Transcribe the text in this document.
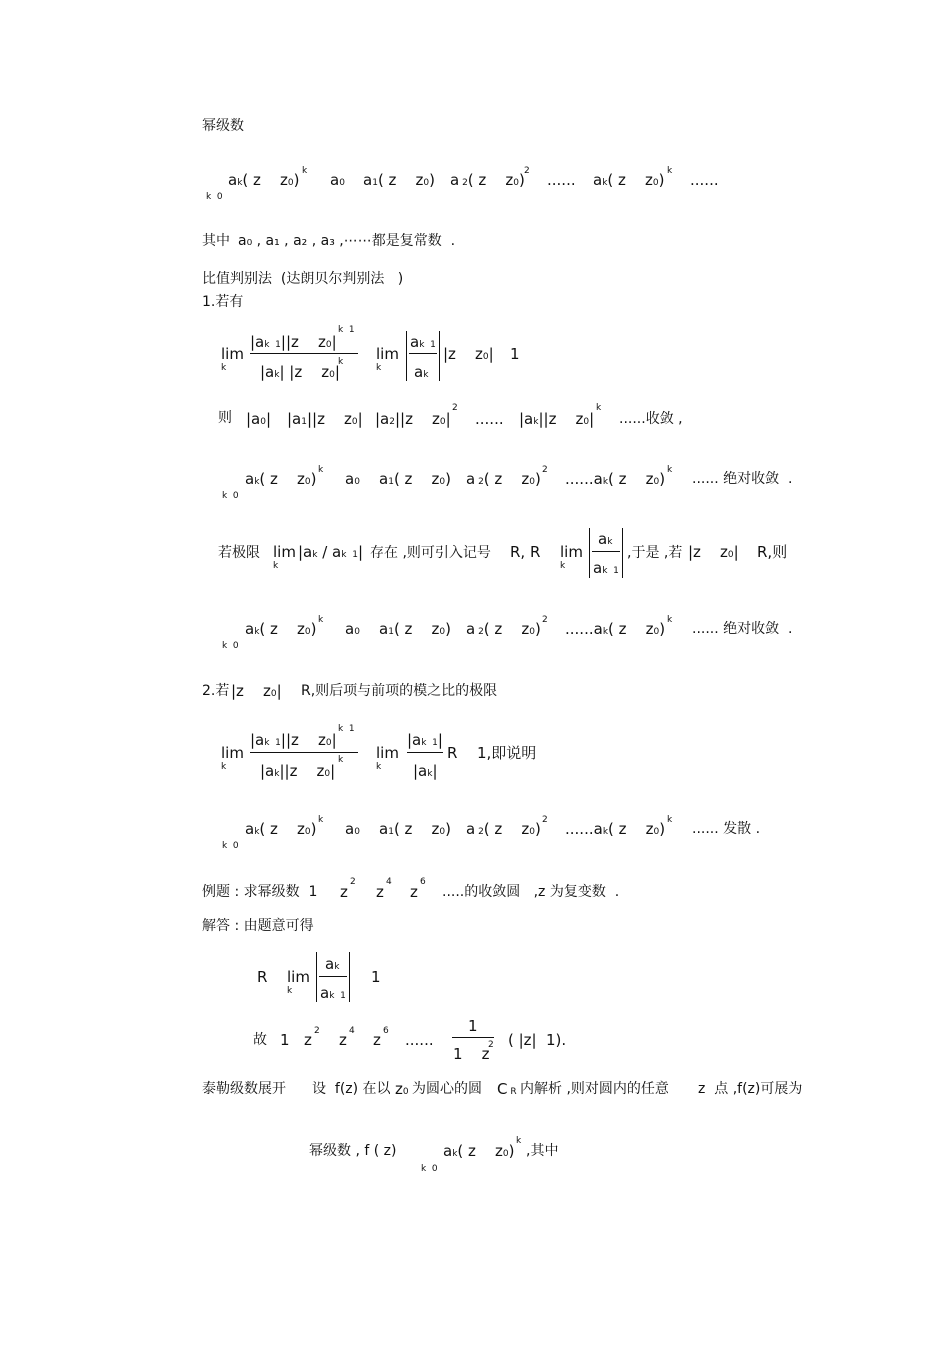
幂级数
ak( z    z0) k
k  0
a0 a1( z    z0) a 2( z    z0) 2 ...... ak( z    z0) k ......
其中 a₀ , a₁ , a₂ , a₃ ,⋯⋯都是复常数  .
比值判别法  (达朗贝尔判别法   )
1.若有
lim
k
|ak  1||z    z0|
k  1
|ak| |z    z0|
k lim
k
ak  1
ak
|z    z0| 1
则 |a0| |a1||z    z0| |a2||z    z0|
2
...... |ak||z    z0|
k
......收敛 ,
ak( z    z0) k
k  0
a0 a1( z    z0) a 2( z    z0) 2 ......ak( z    z0) k
...... 绝对收敛  .
若极限 lim
k
|ak / ak  1| 存在 ,则可引入记号 R, R lim
k
ak
ak  1
,于是 ,若 |z    z0| R,则
ak( z    z0) k
k  0
a0 a1( z    z0) a 2( z    z0) 2 ......ak( z    z0) k
...... 绝对收敛  .
2.若 |z    z0| R,则后项与前项的模之比的极限
lim
k
|ak  1||z    z0|
k  1
|ak||z    z0|
k lim
k
|ak  1|
|ak|
R 1,即说明
ak( z    z0) k
k  0
a0 a1( z    z0) a 2( z    z0) 2 ......ak( z    z0) k
...... 发散 .
例题 : 求幂级数  1 z
2
z
4
z
6
.....的收敛圆   ,z 为复变数  .
解答 : 由题意可得
R lim
k
ak
ak  1
1
故 1 z 2 z 4 z 6 ......
1
1    z
2 ( |z| 1).
泰勒级数展开 设  f(z) 在以 z0 为圆心的圆 C R 内解析 ,则对圆内的任意 z  点 ,f(z)可展为
幂级数 , f ( z)	ak( z    z0)
k
k  0
,其中
